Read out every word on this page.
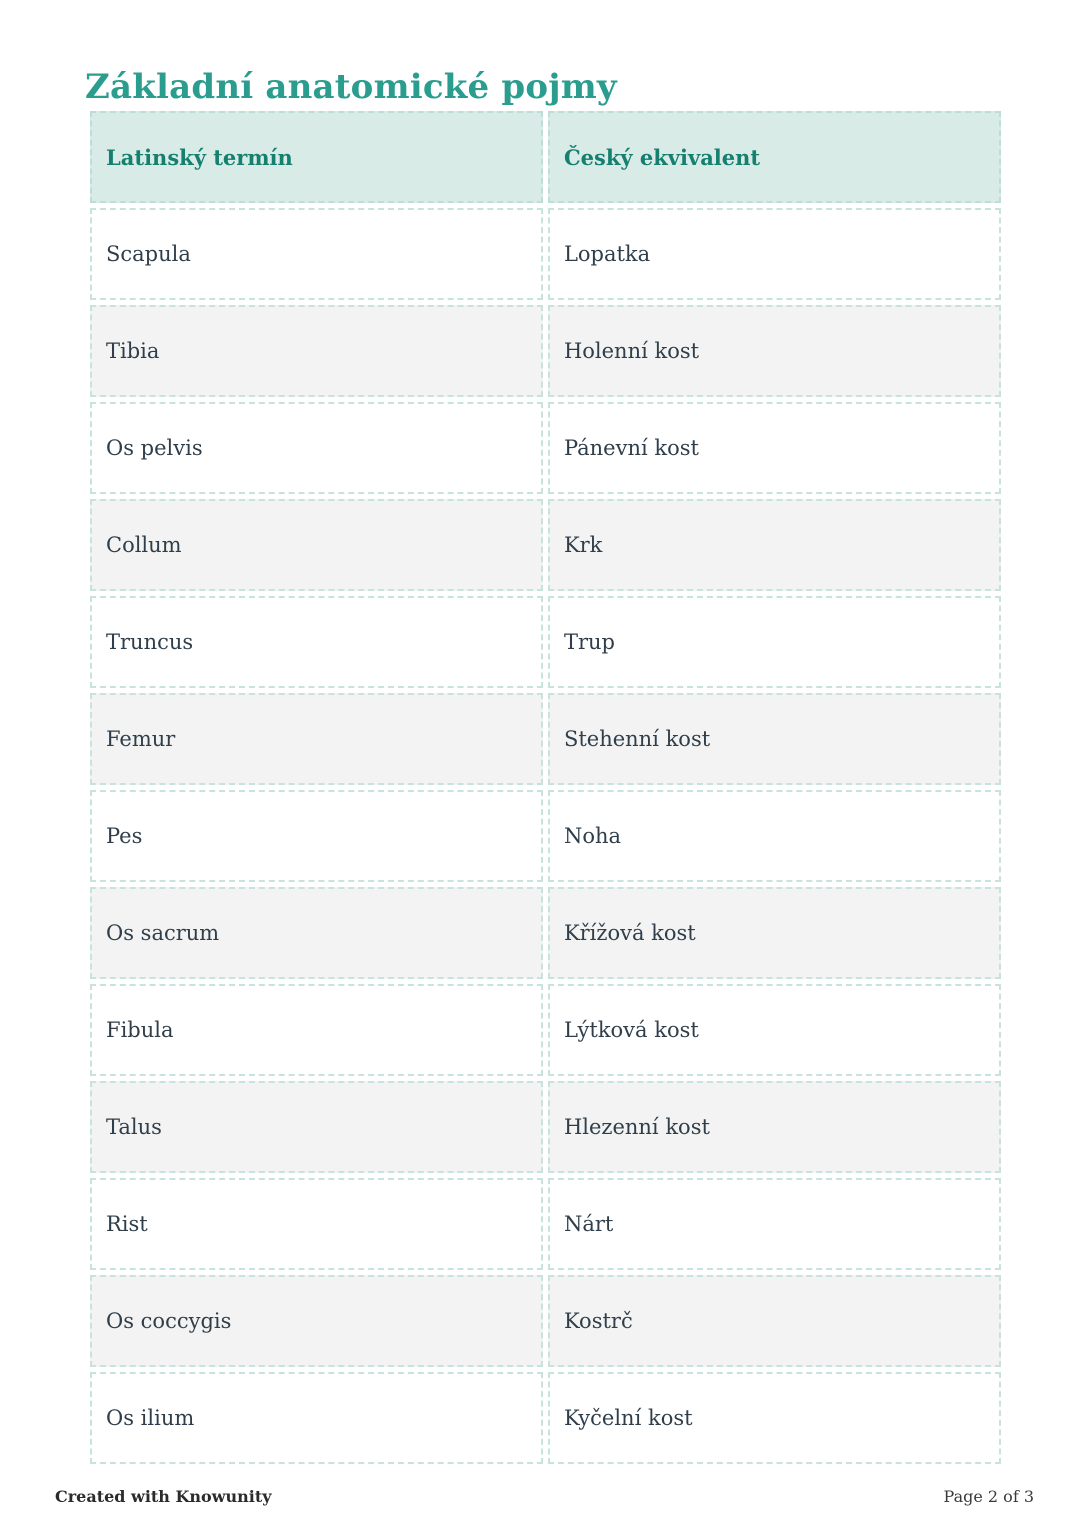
Základní anatomické pojmy
Latinský termín	Český ekvivalent
Scapula	Lopatka
Tibia	Holenní kost
Os pelvis	Pánevní kost
Collum	Krk
Truncus	Trup
Femur	Stehenní kost
Pes	Noha
Os sacrum	Křížová kost
Fibula	Lýtková kost
Talus	Hlezenní kost
Rist	Nárt
Os coccygis	Kostrč
Os ilium	Kyčelní kost
Created with Knowunity	Page 2 of 3
